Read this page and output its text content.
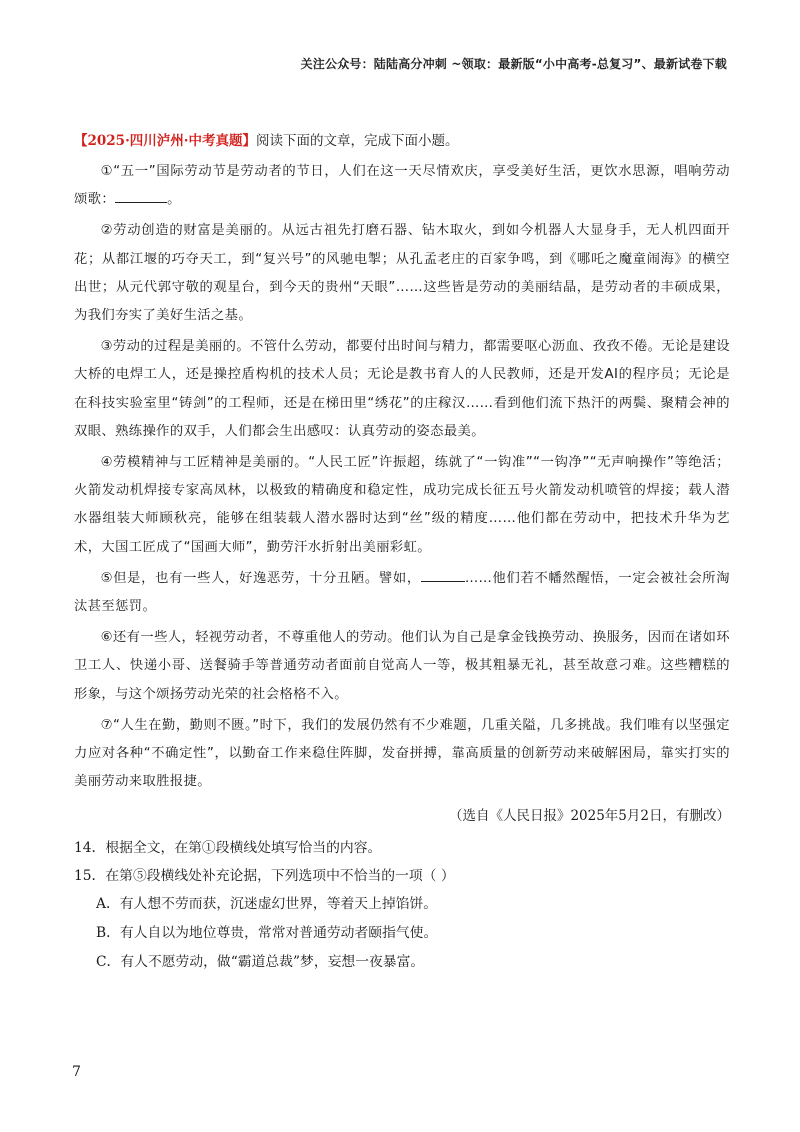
关注公众号：陆陆高分冲刺 ~领取：最新版“小中高考-总复习”、最新试卷下载

【2025·四川泸州·中考真题】阅读下面的文章，完成下面小题。

①“五一”国际劳动节是劳动者的节日，人们在这一天尽情欢庆，享受美好生活，更饮水思源，唱响劳动颂歌：	。

②劳动创造的财富是美丽的。从远古祖先打磨石器、钻木取火，到如今机器人大显身手，无人机四面开花；从都江堰的巧夺天工，到“复兴号”的风驰电掣；从孔孟老庄的百家争鸣，到《哪吒之魔童闹海》的横空出世；从元代郭守敬的观星台，到今天的贵州“天眼”……这些皆是劳动的美丽结晶，是劳动者的丰硕成果，为我们夯实了美好生活之基。

③劳动的过程是美丽的。不管什么劳动，都要付出时间与精力，都需要呕心沥血、孜孜不倦。无论是建设大桥的电焊工人，还是操控盾构机的技术人员；无论是教书育人的人民教师，还是开发AI的程序员；无论是在科技实验室里“铸剑”的工程师，还是在梯田里“绣花”的庄稼汉……看到他们流下热汗的两鬓、聚精会神的双眼、熟练操作的双手，人们都会生出感叹：认真劳动的姿态最美。

④劳模精神与工匠精神是美丽的。“人民工匠”许振超，练就了“一钩准”“一钩净”“无声响操作”等绝活；火箭发动机焊接专家高凤林，以极致的精确度和稳定性，成功完成长征五号火箭发动机喷管的焊接；载人潜水器组装大师顾秋亮，能够在组装载人潜水器时达到“丝”级的精度……他们都在劳动中，把技术升华为艺术，大国工匠成了“国画大师”，勤劳汗水折射出美丽彩虹。

⑤但是，也有一些人，好逸恶劳，十分丑陋。譬如，	……他们若不幡然醒悟，一定会被社会所淘汰甚至惩罚。

⑥还有一些人，轻视劳动者，不尊重他人的劳动。他们认为自己是拿金钱换劳动、换服务，因而在诸如环卫工人、快递小哥、送餐骑手等普通劳动者面前自觉高人一等，极其粗暴无礼，甚至故意刁难。这些糟糕的形象，与这个颂扬劳动光荣的社会格格不入。

⑦“人生在勤，勤则不匮。”时下，我们的发展仍然有不少难题，几重关隘，几多挑战。我们唯有以坚强定力应对各种“不确定性”，以勤奋工作来稳住阵脚，发奋拼搏，靠高质量的创新劳动来破解困局，靠实打实的美丽劳动来取胜报捷。

（选自《人民日报》2025年5月2日，有删改）

14．根据全文，在第①段横线处填写恰当的内容。

15．在第⑤段横线处补充论据，下列选项中不恰当的一项（ ）

A．有人想不劳而获，沉迷虚幻世界，等着天上掉馅饼。

B．有人自以为地位尊贵，常常对普通劳动者颐指气使。

C．有人不愿劳动，做“霸道总裁”梦，妄想一夜暴富。

7
